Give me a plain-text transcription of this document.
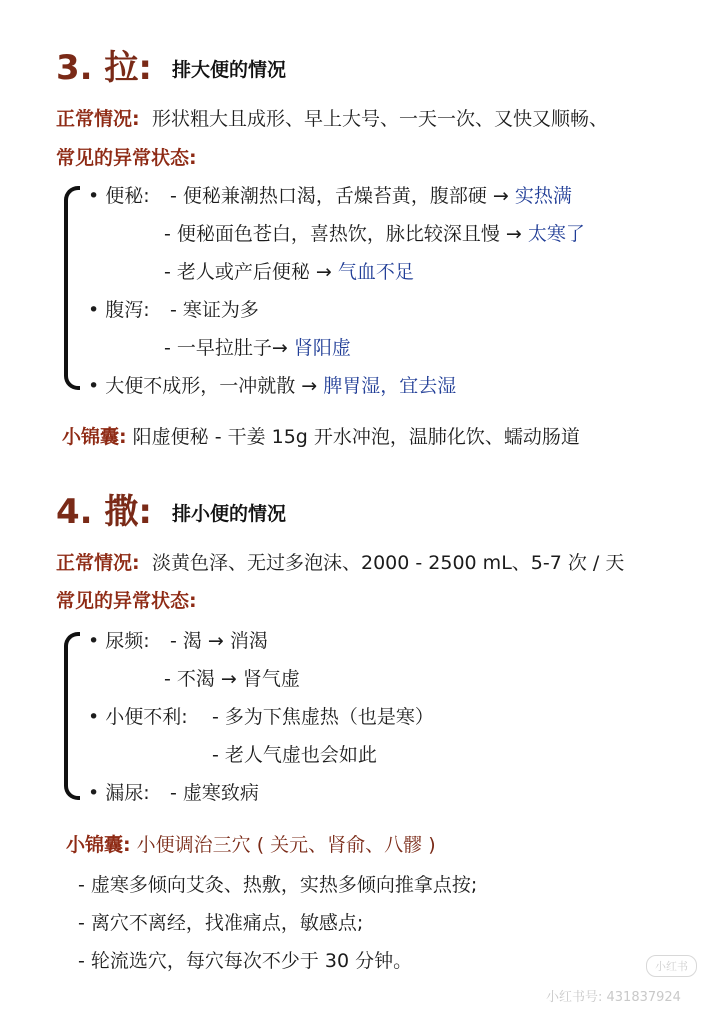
3. 拉: 排大便的情况
正常情况: 形状粗大且成形、早上大号、一天一次、又快又顺畅、
常见的异常状态:
• 便秘: - 便秘兼潮热口渴，舌燥苔黄，腹部硬 → 实热满
- 便秘面色苍白，喜热饮，脉比较深且慢 → 太寒了
- 老人或产后便秘 → 气血不足
• 腹泻: - 寒证为多
- 一早拉肚子→ 肾阳虚
• 大便不成形，一冲就散 → 脾胃湿，宜去湿
小锦囊: 阳虚便秘 - 干姜 15g 开水冲泡，温肺化饮、蠕动肠道
4. 撒: 排小便的情况
正常情况: 淡黄色泽、无过多泡沫、2000 - 2500 mL、5-7 次 / 天
常见的异常状态:
• 尿频: - 渴 → 消渴
- 不渴 → 肾气虚
• 小便不利: - 多为下焦虚热（也是寒）
- 老人气虚也会如此
• 漏尿: - 虚寒致病
小锦囊: 小便调治三穴 ( 关元、肾俞、八髎 )
- 虚寒多倾向艾灸、热敷，实热多倾向推拿点按;
- 离穴不离经，找准痛点，敏感点;
- 轮流选穴，每穴每次不少于 30 分钟。	小红书
小红书号: 431837924
